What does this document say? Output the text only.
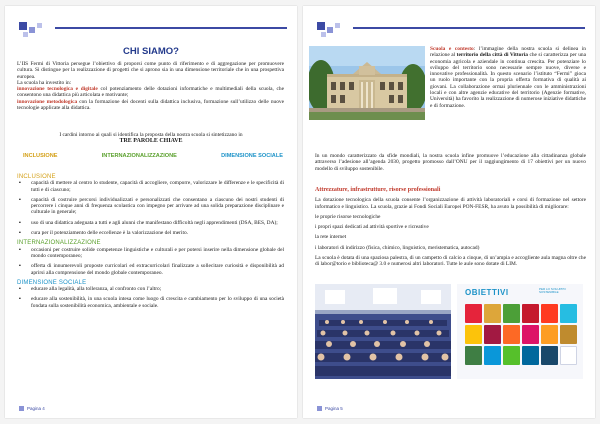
CHI SIAMO?

L’IIS Fermi di Vittoria persegue l’obiettivo di proporsi come punto di riferimento e di aggregazione per promuovere cultura. Si distingue per la realizzazione di progetti che si aprono sia in una dimensione territoriale che in una prospettiva europea.

La scuola ha investito in:

innovazione tecnologica e digitale col potenziamento delle dotazioni informatiche e multimediali della scuola, che consentono una didattica più articolata e motivante;

innovazione metodologica con la formazione dei docenti sulla didattica inclusiva, formazione sull’utilizzo delle nuove tecnologie applicate alla didattica.

I cardini intorno ai quali si identifica la proposta della nostra scuola si sintetizzano in

TRE PAROLE CHIAVE

INCLUSIONE	INTERNAZIONALIZZAZIONE	DIMENSIONE SOCIALE
INCLUSIONE
▪ capacità di mettere al centro lo studente, capacità di accogliere, comporre, valorizzare le differenze e le specificità di tutti e di ciascuno;
▪ capacità di costruire percorsi individualizzati e personalizzati che consentano a ciascuno dei nostri studenti di percorrere i cinque anni di frequenza scolastica con impegno per arrivare ad una solida preparazione disciplinare e culturale in generale;
▪ uso di una didattica adeguata a tutti e agli alunni che manifestano difficoltà negli apprendimenti (DSA, BES, DA);
▪ cura per il potenziamento delle eccellenze è la valorizzazione del merito.
INTERNAZIONALIZZAZIONE
▪ occasioni per costruire solide competenze linguistiche e culturali e per potersi inserire nella dimensione globale del mondo contemporaneo;
▪ offerta di innumerevoli proposte curricolari ed extracurricolari finalizzate a sollecitare curiosità e disponibilità ad aprirsi alla comprensione del mondo globale contemporaneo.
DIMENSIONE SOCIALE
▪ educare alla legalità, alla tolleranza, al confronto con l’altro;
▪ educare alla sostenibilità, in una scuola intesa come luogo di crescita e cambiamento per lo sviluppo di una società fondata sulla sostenibilità economica, ambientale e sociale.
Pagina 4
Scuola e contesto: l’immagine della nostra scuola si delinea in relazione al territorio della città di Vittoria che si caratterizza per una economia agricola e aziendale in continua crescita. Per potenziare lo sviluppo del territorio sono necessarie sempre nuove, diverse e innovative professionalità. In questo scenario l’istituto “Fermi” gioca un ruolo importante con la propria offerta formativa di qualità ai giovani. La collaborazione ormai pluriennale con le amministrazioni locali e con altre agenzie educative del territorio (Agenzie formative, Università) ha favorito la realizzazione di numerose iniziative didattiche e di formazione.

In un mondo caratterizzato da sfide mondiali, la nostra scuola infine promuove l’educazione alla cittadinanza globale attraverso l’adesione all’agenda 2030, progetto promosso dall’ONU per il raggiungimento di 17 obiettivi per un nuovo modello di sviluppo sostenibile.

Attrezzature, infrastrutture, risorse professionali

La dotazione tecnologica della scuola consente l’organizzazione di attività laboratoriali e corsi di formazione nel settore informatico e linguistico. La scuola, grazie ai Fondi Sociali Europei PON-FESR, ha avuto la possibilità di migliorare:

le proprie risorse tecnologiche

i propri spazi dedicati ad attività sportive e ricreative

la rete internet

i laboratori di indirizzo (fisica, chimico, linguistico, meristematica, autocad)

La scuola è dotata di una spaziosa palestra, di un campetto di calcio a cinque, di un’ampia e accogliente aula magna oltre che di labor@torio e biblioteca@ 3.0 e numerosi altri laboratori. Tutte le aule sono dotate di LIM.

OBIETTIVI	PER LO SVILUPPO SOSTENIBILE
Pagina 5
